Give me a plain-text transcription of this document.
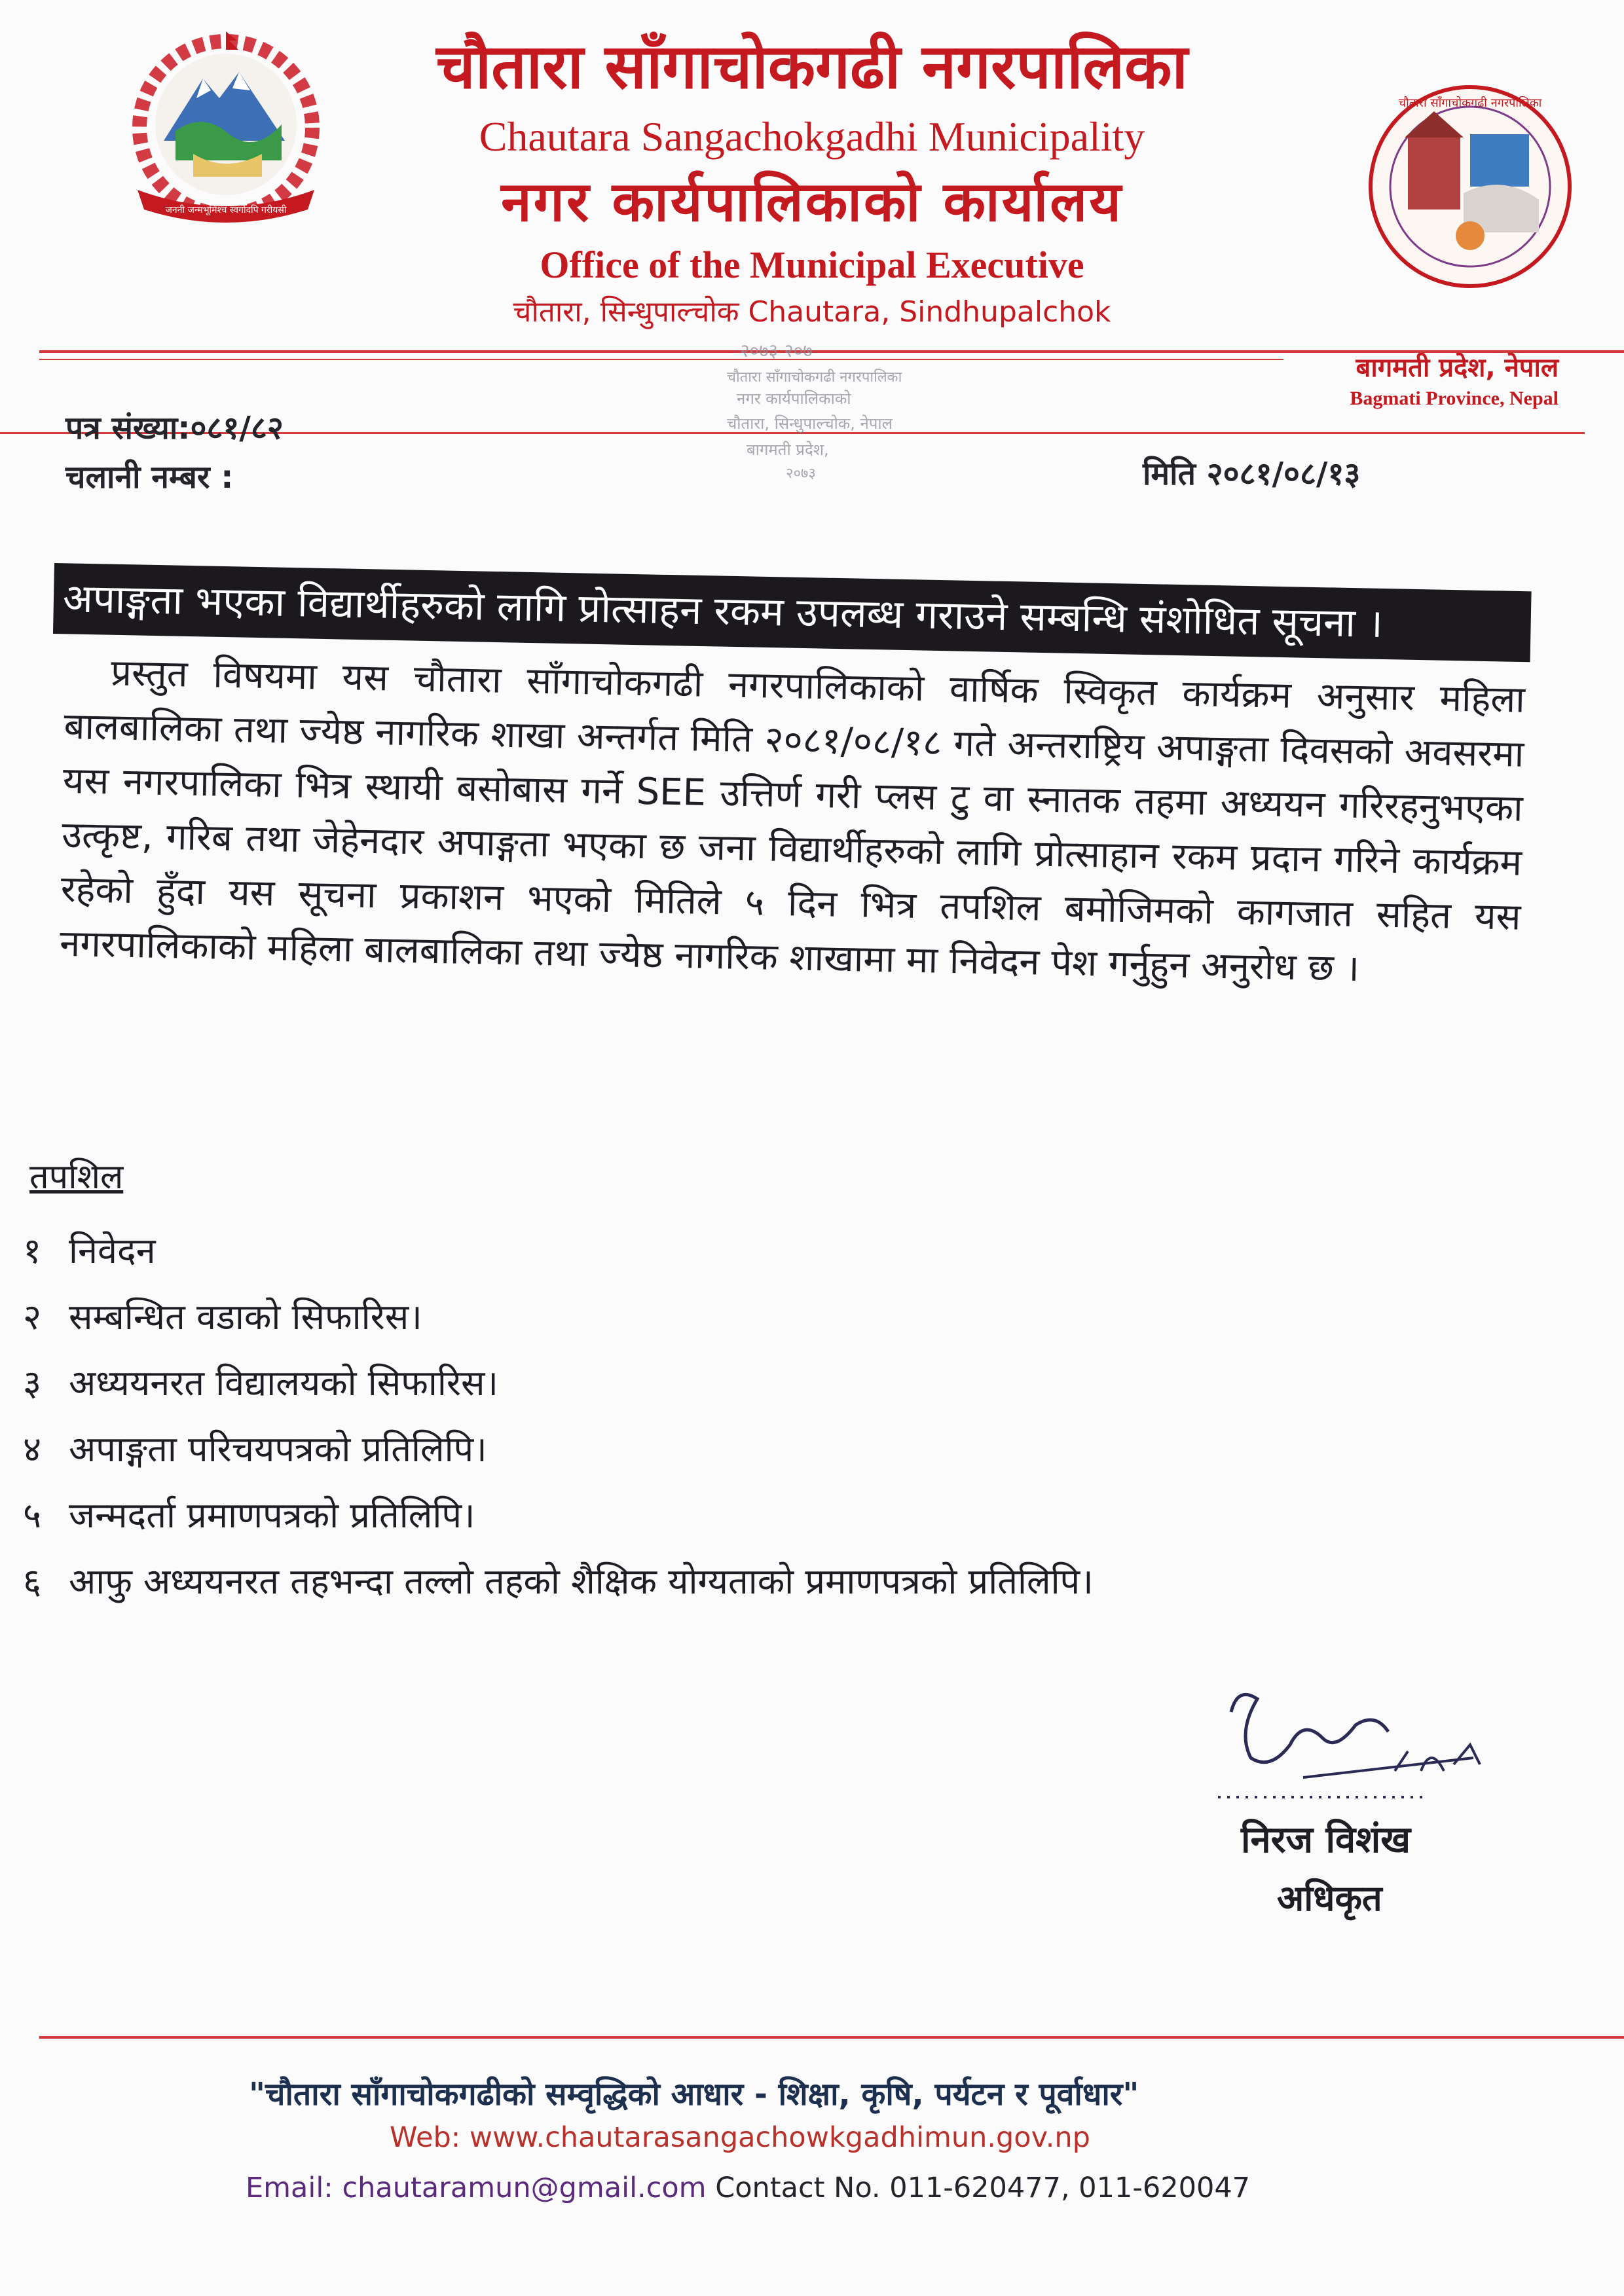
जननी जन्मभूमिश्च स्वर्गादपि गरीयसी
चौतारा साँगाचोकगढी नगरपालिका
चौतारा साँगाचोकगढी नगरपालिका
Chautara Sangachokgadhi Municipality
नगर कार्यपालिकाको कार्यालय
Office of the Municipal Executive
चौतारा, सिन्धुपाल्चोक Chautara, Sindhupalchok
बागमती प्रदेश, नेपाल
Bagmati Province, Nepal
२०७३ २०७
चौतारा साँगाचोकगढी नगरपालिका
नगर कार्यपालिकाको
चौतारा, सिन्धुपाल्चोक, नेपाल
बागमती प्रदेश,
२०७३
पत्र संख्या:०८१/८२
चलानी नम्बर :	मिति २०८१/०८/१३
अपाङ्गता भएका विद्यार्थीहरुको लागि प्रोत्साहन रकम उपलब्ध गराउने सम्बन्धि संशोधित सूचना ।
प्रस्तुत विषयमा यस चौतारा साँगाचोकगढी नगरपालिकाको वार्षिक स्विकृत कार्यक्रम अनुसार महिला बालबालिका तथा ज्येष्ठ नागरिक शाखा अन्तर्गत मिति २०८१/०८/१८ गते अन्तराष्ट्रिय अपाङ्गता दिवसको अवसरमा यस नगरपालिका भित्र स्थायी बसोबास गर्ने SEE उत्तिर्ण गरी प्लस टु वा स्नातक तहमा अध्ययन गरिरहनुभएका उत्कृष्ट, गरिब तथा जेहेनदार अपाङ्गता भएका छ जना विद्यार्थीहरुको लागि प्रोत्साहान रकम प्रदान गरिने कार्यक्रम रहेको हुँदा यस सूचना प्रकाशन भएको मितिले ५ दिन भित्र तपशिल बमोजिमको कागजात सहित यस नगरपालिकाको महिला बालबालिका तथा ज्येष्ठ नागरिक शाखामा मा निवेदन पेश गर्नुहुन अनुरोध छ ।
तपशिल
१ निवेदन
२ सम्बन्धित वडाको सिफारिस।
३ अध्ययनरत विद्यालयको सिफारिस।
४ अपाङ्गता परिचयपत्रको प्रतिलिपि।
५ जन्मदर्ता प्रमाणपत्रको प्रतिलिपि।
६ आफु अध्ययनरत तहभन्दा तल्लो तहको शैक्षिक योग्यताको प्रमाणपत्रको प्रतिलिपि।
निरज विशंख
अधिकृत
"चौतारा साँगाचोकगढीको सम्वृद्धिको आधार - शिक्षा, कृषि, पर्यटन र पूर्वाधार"
Web: www.chautarasangachowkgadhimun.gov.np
Email: chautaramun@gmail.com Contact No. 011-620477, 011-620047
